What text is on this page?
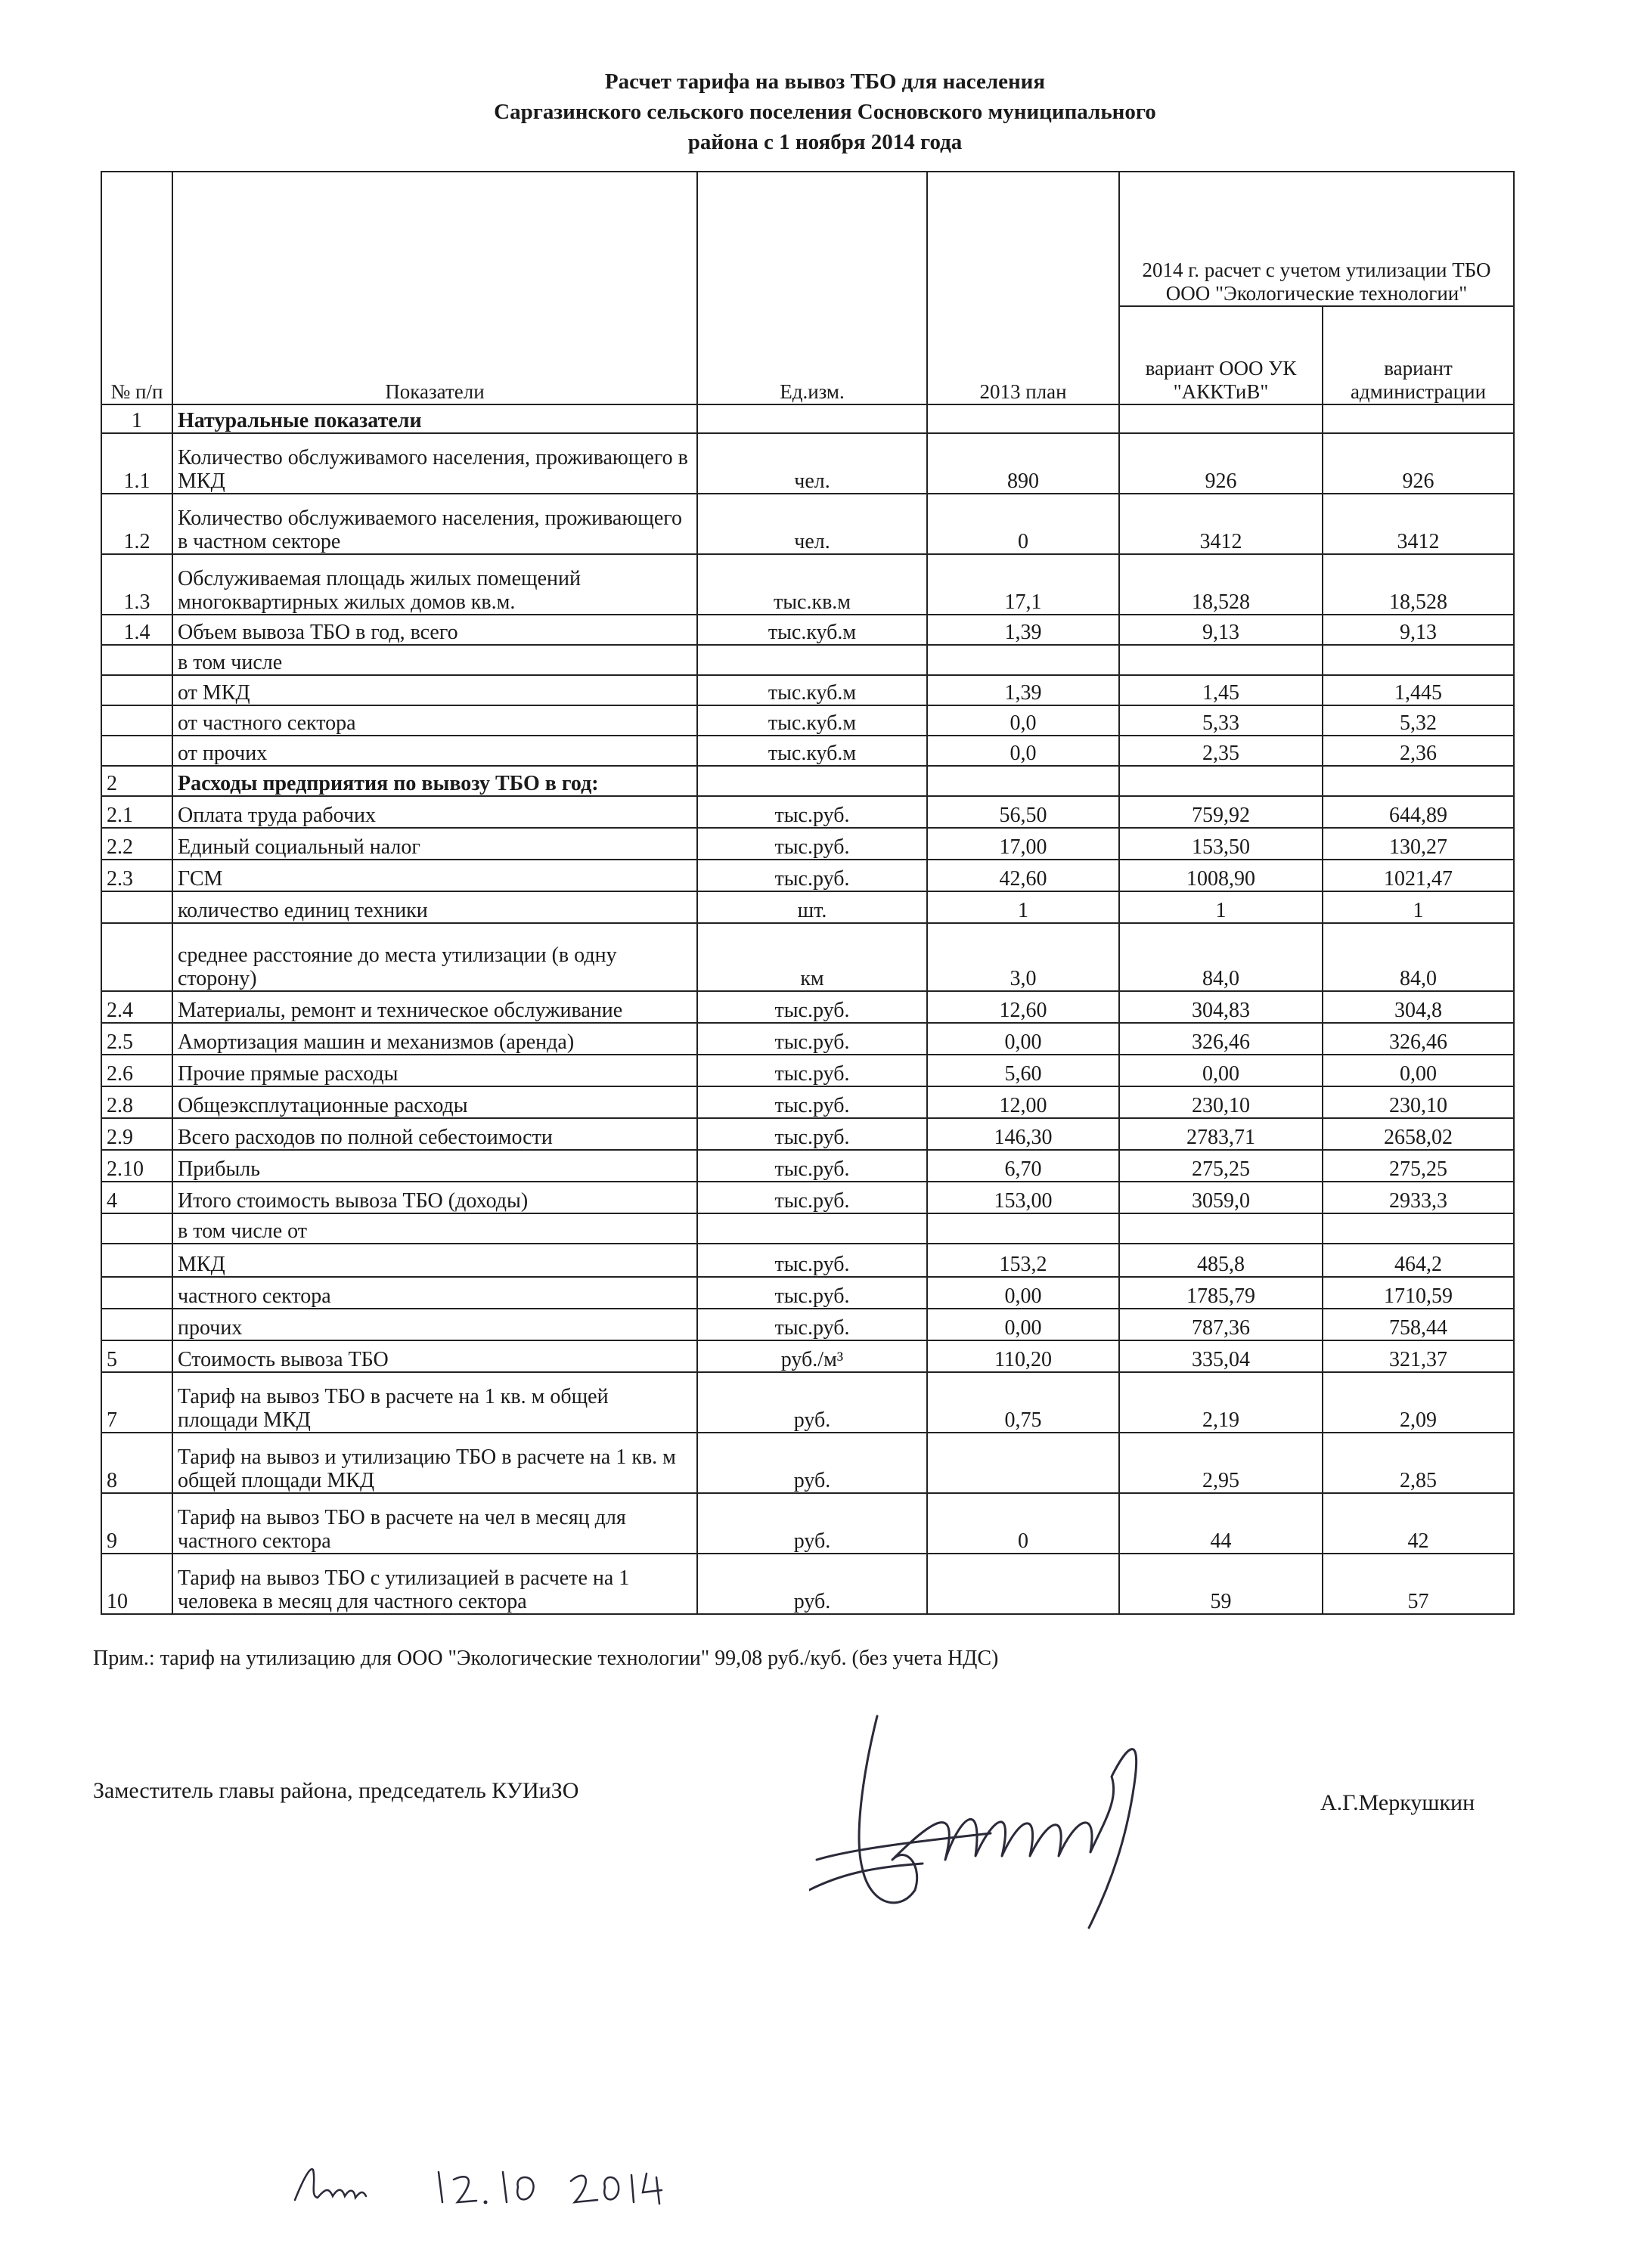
Расчет тарифа на вывоз ТБО для населения
Саргазинского сельского поселения Сосновского муниципального
района с 1 ноября 2014 года
№ п/п	Показатели	Ед.изм.	2013 план	2014 г. расчет с учетом утилизации ТБО ООО "Экологические технологии"	
				вариант ООО УК "АККТиВ"	вариант администрации
1	Натуральные показатели				
1.1	Количество обслуживамого населения, проживающего в МКД	чел.	890	926	926
1.2	Количество обслуживаемого населения, проживающего в частном секторе	чел.	0	3412	3412
1.3	Обслуживаемая площадь жилых помещений многоквартирных жилых домов кв.м.	тыс.кв.м	17,1	18,528	18,528
1.4	Объем вывоза ТБО в год, всего	тыс.куб.м	1,39	9,13	9,13
	в том числе				
	от МКД	тыс.куб.м	1,39	1,45	1,445
	от частного сектора	тыс.куб.м	0,0	5,33	5,32
	от прочих	тыс.куб.м	0,0	2,35	2,36
2	Расходы предприятия по вывозу ТБО в год:				
2.1	Оплата труда рабочих	тыс.руб.	56,50	759,92	644,89
2.2	Единый социальный налог	тыс.руб.	17,00	153,50	130,27
2.3	ГСМ	тыс.руб.	42,60	1008,90	1021,47
	количество единиц техники	шт.	1	1	1
	среднее расстояние до места утилизации (в одну сторону)	км	3,0	84,0	84,0
2.4	Материалы, ремонт и техническое обслуживание	тыс.руб.	12,60	304,83	304,8
2.5	Амортизация машин и механизмов (аренда)	тыс.руб.	0,00	326,46	326,46
2.6	Прочие прямые расходы	тыс.руб.	5,60	0,00	0,00
2.8	Общеэксплутационные расходы	тыс.руб.	12,00	230,10	230,10
2.9	Всего расходов по полной себестоимости	тыс.руб.	146,30	2783,71	2658,02
2.10	Прибыль	тыс.руб.	6,70	275,25	275,25
4	Итого стоимость вывоза ТБО (доходы)	тыс.руб.	153,00	3059,0	2933,3
	в том числе от				
	МКД	тыс.руб.	153,2	485,8	464,2
	частного сектора	тыс.руб.	0,00	1785,79	1710,59
	прочих	тыс.руб.	0,00	787,36	758,44
5	Стоимость вывоза ТБО	руб./м³	110,20	335,04	321,37
7	Тариф на вывоз ТБО в расчете на 1 кв. м общей площади МКД	руб.	0,75	2,19	2,09
8	Тариф на вывоз и утилизацию ТБО в расчете на 1 кв. м общей площади МКД	руб.		2,95	2,85
9	Тариф на вывоз ТБО в расчете на чел в месяц для частного сектора	руб.	0	44	42
10	Тариф на вывоз ТБО с утилизацией в расчете на 1 человека в месяц для частного сектора	руб.		59	57
Прим.: тариф на утилизацию для ООО "Экологические технологии" 99,08 руб./куб. (без учета НДС)
Заместитель главы района, председатель КУИиЗО	А.Г.Меркушкин
